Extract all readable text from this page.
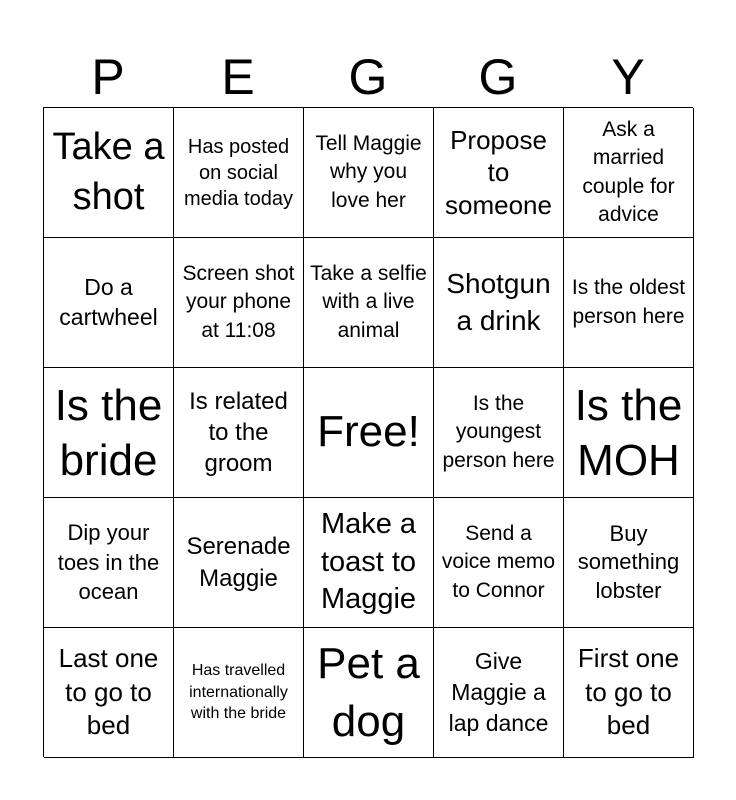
P	E	G	G	Y
Take a shot
Has posted on social media today
Tell Maggie why you love her
Propose to someone
Ask a married couple for advice
Do a cartwheel
Screen shot your phone at 11:08
Take a selfie with a live animal
Shotgun a drink
Is the oldest person here
Is the bride
Is related to the groom
Free!
Is the youngest person here
Is the MOH
Dip your toes in the ocean
Serenade Maggie
Make a toast to Maggie
Send a voice memo to Connor
Buy something lobster
Last one to go to bed
Has travelled internationally with the bride
Pet a dog
Give Maggie a lap dance
First one to go to bed
